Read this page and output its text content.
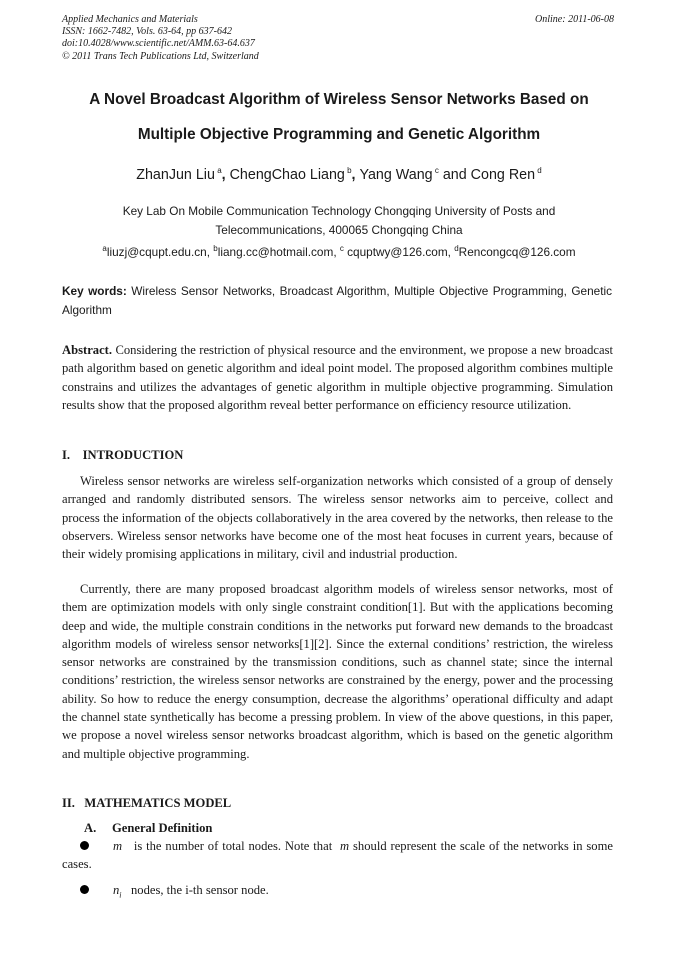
Applied Mechanics and Materials
ISSN: 1662-7482, Vols. 63-64, pp 637-642
doi:10.4028/www.scientific.net/AMM.63-64.637
© 2011 Trans Tech Publications Ltd, Switzerland
Online: 2011-06-08
A Novel Broadcast Algorithm of Wireless Sensor Networks Based on
Multiple Objective Programming and Genetic Algorithm
ZhanJun Liu $^a$, ChengChao Liang $^b$, Yang Wang $^c$ and Cong Ren $^d$
Key Lab On Mobile Communication Technology Chongqing University of Posts and
Telecommunications, 400065 Chongqing China
$^a$liuzj@cqupt.edu.cn, $^b$liang.cc@hotmail.com, $^c$ cquptwy@126.com, $^d$Rencongcq@126.com
Key words: Wireless Sensor Networks, Broadcast Algorithm, Multiple Objective Programming, Genetic Algorithm
Abstract. Considering the restriction of physical resource and the environment, we propose a new broadcast path algorithm based on genetic algorithm and ideal point model. The proposed algorithm combines multiple constrains and utilizes the advantages of genetic algorithm in multiple objective programming. Simulation results show that the proposed algorithm reveal better performance on efficiency resource utilization.
I.    INTRODUCTION
Wireless sensor networks are wireless self-organization networks which consisted of a group of densely arranged and randomly distributed sensors. The wireless sensor networks aim to perceive, collect and process the information of the objects collaboratively in the area covered by the networks, then release to the observers. Wireless sensor networks have become one of the most heat focuses in current years, because of their widely promising applications in military, civil and industrial production.
Currently, there are many proposed broadcast algorithm models of wireless sensor networks, most of them are optimization models with only single constraint condition[1]. But with the applications becoming deep and wide, the multiple constrain conditions in the networks put forward new demands to the broadcast algorithm models of wireless sensor networks[1][2]. Since the external conditions’ restriction, the wireless sensor networks are constrained by the transmission conditions, such as channel state; since the internal conditions’ restriction, the wireless sensor networks are constrained by the energy, power and the processing ability. So how to reduce the energy consumption, decrease the algorithms’ operational difficulty and adapt the channel state synthetically has become a pressing problem. In view of the above questions, in this paper, we propose a novel wireless sensor networks broadcast algorithm, which is based on the genetic algorithm and multiple objective programming.
II.   MATHEMATICS MODEL
A.     General Definition
m   is the number of total nodes. Note that  m should represent the scale of the networks in some cases.
$n_i$   nodes, the i-th sensor node.
